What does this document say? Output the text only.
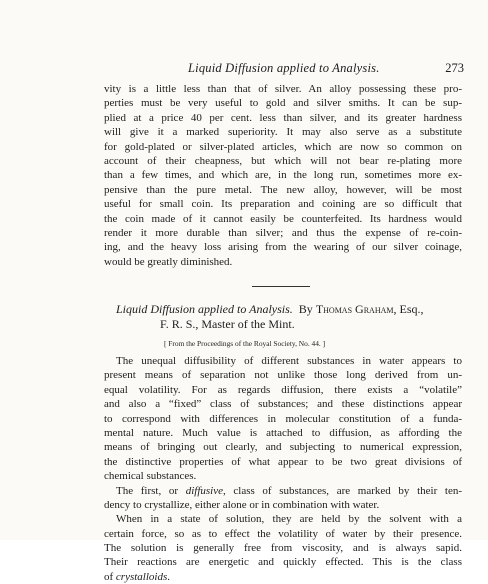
Liquid Diffusion applied to Analysis.	273
vity is a little less than that of silver. An alloy possessing these pro-
perties must be very useful to gold and silver smiths. It can be sup-
plied at a price 40 per cent. less than silver, and its greater hardness
will give it a marked superiority. It may also serve as a substitute
for gold-plated or silver-plated articles, which are now so common on
account of their cheapness, but which will not bear re-plating more
than a few times, and which are, in the long run, sometimes more ex-
pensive than the pure metal. The new alloy, however, will be most
useful for small coin. Its preparation and coining are so difficult that
the coin made of it cannot easily be counterfeited. Its hardness would
render it more durable than silver; and thus the expense of re-coin-
ing, and the heavy loss arising from the wearing of our silver coinage,
would be greatly diminished.
Liquid Diffusion applied to Analysis. By Thomas Graham, Esq.,
F. R. S., Master of the Mint.
[ From the Proceedings of the Royal Society, No. 44. ]
The unequal diffusibility of different substances in water appears to
present means of separation not unlike those long derived from un-
equal volatility. For as regards diffusion, there exists a “volatile”
and also a “fixed” class of substances; and these distinctions appear
to correspond with differences in molecular constitution of a funda-
mental nature. Much value is attached to diffusion, as affording the
means of bringing out clearly, and subjecting to numerical expression,
the distinctive properties of what appear to be two great divisions of
chemical substances.
The first, or diffusive, class of substances, are marked by their ten-
dency to crystallize, either alone or in combination with water.
When in a state of solution, they are held by the solvent with a
certain force, so as to effect the volatility of water by their presence.
The solution is generally free from viscosity, and is always sapid.
Their reactions are energetic and quickly effected. This is the class
of crystalloids.
